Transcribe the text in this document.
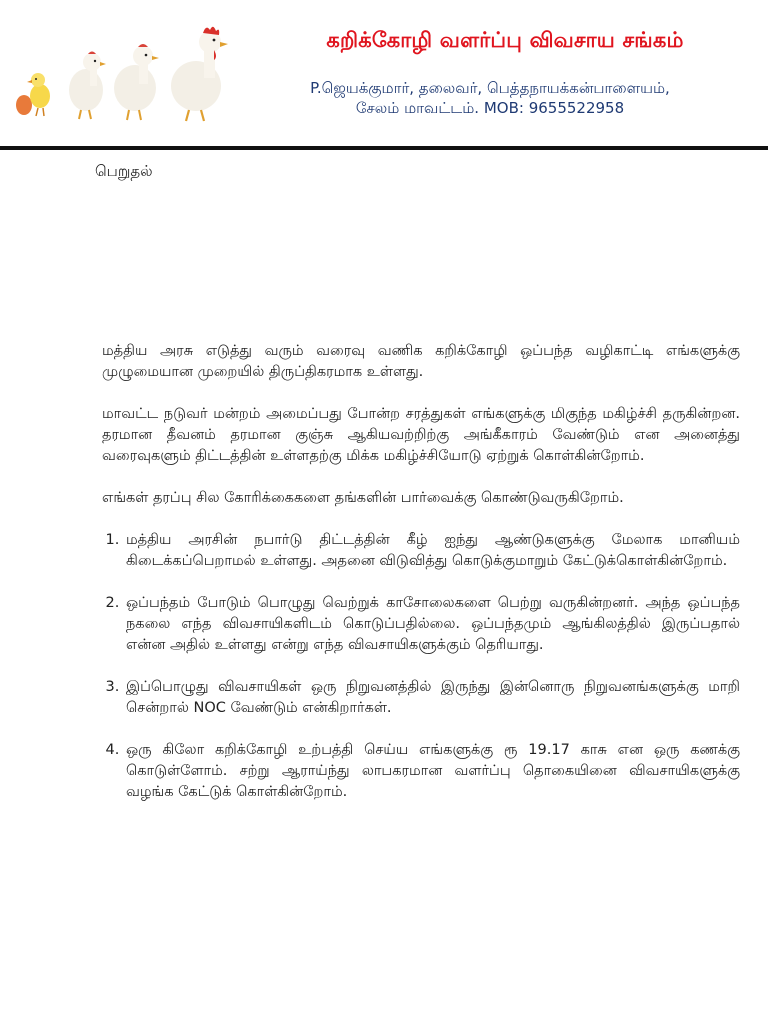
கறிக்கோழி வளர்ப்பு விவசாய சங்கம்
P.ஜெயக்குமார், தலைவர், பெத்தநாயக்கன்பாளையம்,
சேலம் மாவட்டம். MOB: 9655522958
பெறுதல்

மத்திய அரசு எடுத்து வரும் வரைவு வணிக கறிக்கோழி ஒப்பந்த வழிகாட்டி எங்களுக்கு முழுமையான முறையில் திருப்திகரமாக உள்ளது.

மாவட்ட நடுவர் மன்றம் அமைப்பது போன்ற சரத்துகள் எங்களுக்கு மிகுந்த மகிழ்ச்சி தருகின்றன. தரமான தீவனம் தரமான குஞ்சு ஆகியவற்றிற்கு அங்கீகாரம் வேண்டும் என அனைத்து வரைவுகளும் திட்டத்தின் உள்ளதற்கு மிக்க மகிழ்ச்சியோடு ஏற்றுக் கொள்கின்றோம்.

எங்கள் தரப்பு சில கோரிக்கைகளை தங்களின் பார்வைக்கு கொண்டுவருகிறோம்.

1. மத்திய அரசின் நபார்டு திட்டத்தின் கீழ் ஐந்து ஆண்டுகளுக்கு மேலாக மானியம் கிடைக்கப்பெறாமல் உள்ளது. அதனை விடுவித்து கொடுக்குமாறும் கேட்டுக்கொள்கின்றோம்.
2. ஒப்பந்தம் போடும் பொழுது வெற்றுக் காசோலைகளை பெற்று வருகின்றனர். அந்த ஒப்பந்த நகலை எந்த விவசாயிகளிடம் கொடுப்பதில்லை. ஒப்பந்தமும் ஆங்கிலத்தில் இருப்பதால் என்ன அதில் உள்ளது என்று எந்த விவசாயிகளுக்கும் தெரியாது.
3. இப்பொழுது விவசாயிகள் ஒரு நிறுவனத்தில் இருந்து இன்னொரு நிறுவனங்களுக்கு மாறி சென்றால் NOC வேண்டும் என்கிறார்கள்.
4. ஒரு கிலோ கறிக்கோழி உற்பத்தி செய்ய எங்களுக்கு ரூ 19.17 காசு என ஒரு கணக்கு கொடுள்ளோம். சற்று ஆராய்ந்து லாபகரமான வளர்ப்பு தொகையினை விவசாயிகளுக்கு வழங்க கேட்டுக் கொள்கின்றோம்.
